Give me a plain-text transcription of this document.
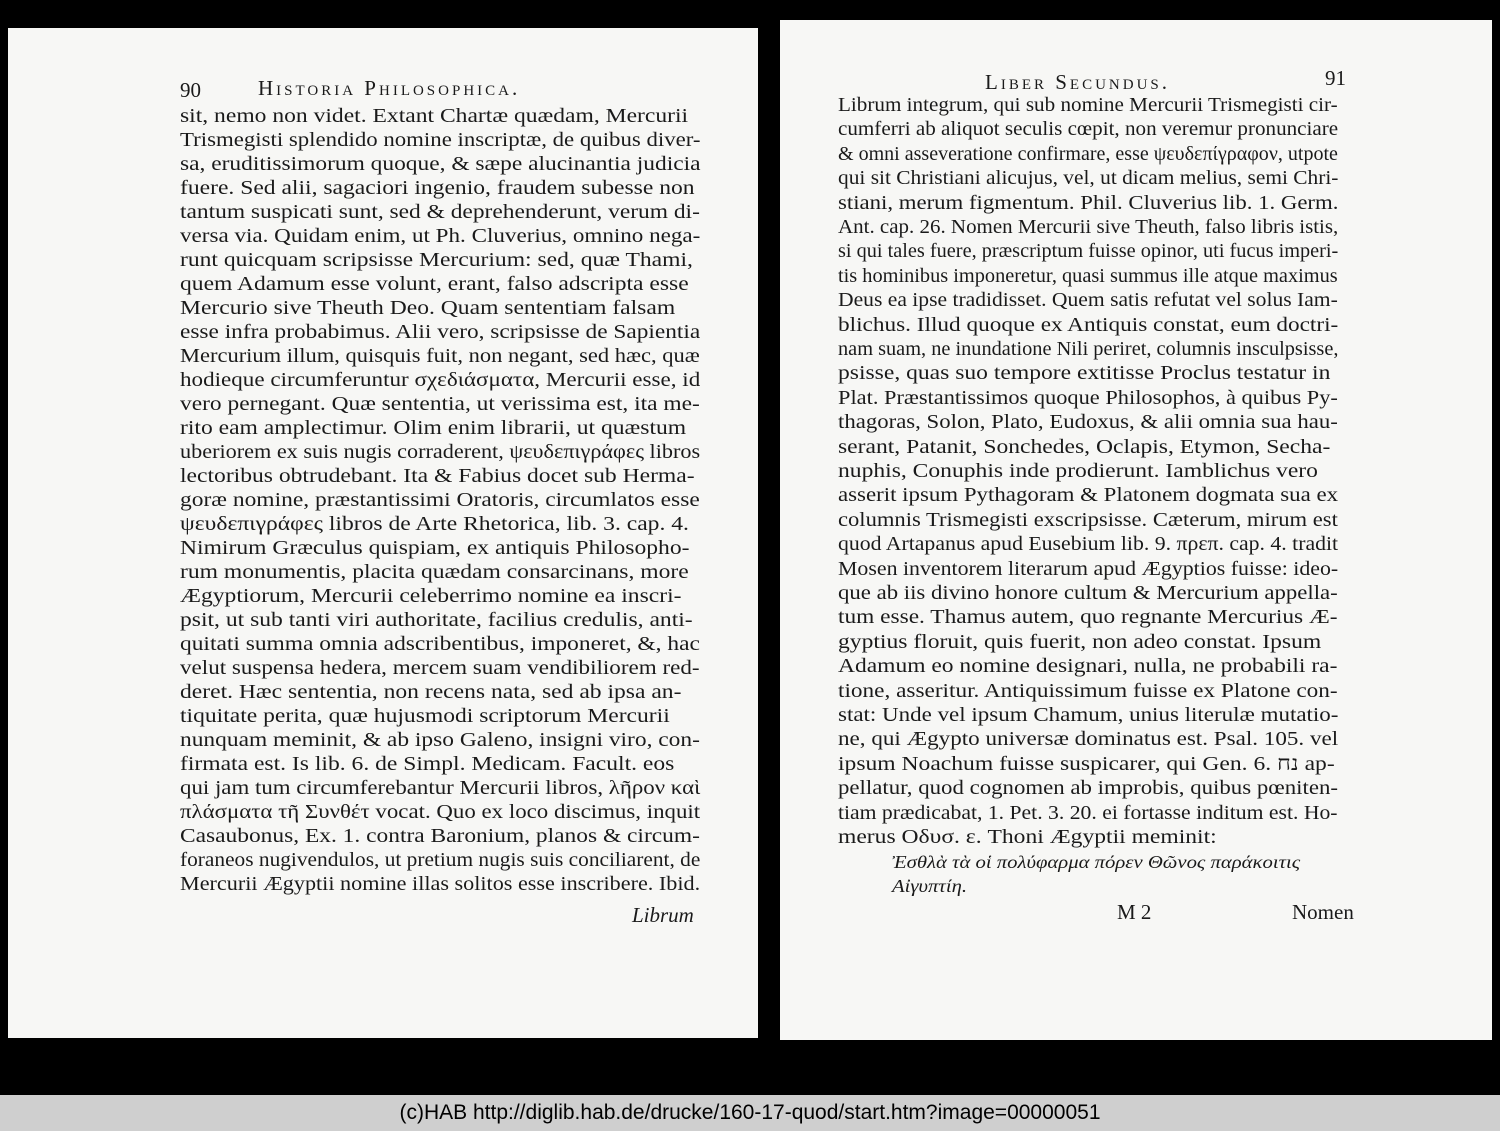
90	Historia Philosophica.
sit, nemo non videt. Extant Chartæ quædam, Mercurii
Trismegisti splendido nomine inscriptæ, de quibus diver-
sa, eruditissimorum quoque, & sæpe alucinantia judicia
fuere. Sed alii, sagaciori ingenio, fraudem subesse non
tantum suspicati sunt, sed & deprehenderunt, verum di-
versa via. Quidam enim, ut Ph. Cluverius, omnino nega-
runt quicquam scripsisse Mercurium: sed, quæ Thami,
quem Adamum esse volunt, erant, falso adscripta esse
Mercurio sive Theuth Deo. Quam sententiam falsam
esse infra probabimus. Alii vero, scripsisse de Sapientia
Mercurium illum, quisquis fuit, non negant, sed hæc, quæ
hodieque circumferuntur σχεδιάσματα, Mercurii esse, id
vero pernegant. Quæ sententia, ut verissima est, ita me-
rito eam amplectimur. Olim enim librarii, ut quæstum
uberiorem ex suis nugis corraderent, ψευδεπιγράφες libros
lectoribus obtrudebant. Ita & Fabius docet sub Herma-
goræ nomine, præstantissimi Oratoris, circumlatos esse
ψευδεπιγράφες libros de Arte Rhetorica, lib. 3. cap. 4.
Nimirum Græculus quispiam, ex antiquis Philosopho-
rum monumentis, placita quædam consarcinans, more
Ægyptiorum, Mercurii celeberrimo nomine ea inscri-
psit, ut sub tanti viri authoritate, facilius credulis, anti-
quitati summa omnia adscribentibus, imponeret, &, hac
velut suspensa hedera, mercem suam vendibiliorem red-
deret. Hæc sententia, non recens nata, sed ab ipsa an-
tiquitate perita, quæ hujusmodi scriptorum Mercurii
nunquam meminit, & ab ipso Galeno, insigni viro, con-
firmata est. Is lib. 6. de Simpl. Medicam. Facult. eos
qui jam tum circumferebantur Mercurii libros, λῆρον καὶ
πλάσματα τῆ Συνθέτ vocat. Quo ex loco discimus, inquit
Casaubonus, Ex. 1. contra Baronium, planos & circum-
foraneos nugivendulos, ut pretium nugis suis conciliarent, de
Mercurii Ægyptii nomine illas solitos esse inscribere. Ibid.
Librum
Liber Secundus.	91
Librum integrum, qui sub nomine Mercurii Trismegisti cir-
cumferri ab aliquot seculis cœpit, non veremur pronunciare
& omni asseveratione confirmare, esse ψευδεπίγραφον, utpote
qui sit Christiani alicujus, vel, ut dicam melius, semi Chri-
stiani, merum figmentum. Phil. Cluverius lib. 1. Germ.
Ant. cap. 26. Nomen Mercurii sive Theuth, falso libris istis,
si qui tales fuere, præscriptum fuisse opinor, uti fucus imperi-
tis hominibus imponeretur, quasi summus ille atque maximus
Deus ea ipse tradidisset. Quem satis refutat vel solus Iam-
blichus. Illud quoque ex Antiquis constat, eum doctri-
nam suam, ne inundatione Nili periret, columnis insculpsisse,
psisse, quas suo tempore extitisse Proclus testatur in
Plat. Præstantissimos quoque Philosophos, à quibus Py-
thagoras, Solon, Plato, Eudoxus, & alii omnia sua hau-
serant, Patanit, Sonchedes, Oclapis, Etymon, Secha-
nuphis, Conuphis inde prodierunt. Iamblichus vero
asserit ipsum Pythagoram & Platonem dogmata sua ex
columnis Trismegisti exscripsisse. Cæterum, mirum est
quod Artapanus apud Eusebium lib. 9. πρεπ. cap. 4. tradit
Mosen inventorem literarum apud Ægyptios fuisse: ideo-
que ab iis divino honore cultum & Mercurium appella-
tum esse. Thamus autem, quo regnante Mercurius Æ-
gyptius floruit, quis fuerit, non adeo constat. Ipsum
Adamum eo nomine designari, nulla, ne probabili ra-
tione, asseritur. Antiquissimum fuisse ex Platone con-
stat: Unde vel ipsum Chamum, unius literulæ mutatio-
ne, qui Ægypto universæ dominatus est. Psal. 105. vel
ipsum Noachum fuisse suspicarer, qui Gen. 6. נח ap-
pellatur, quod cognomen ab improbis, quibus pœniten-
tiam prædicabat, 1. Pet. 3. 20. ei fortasse inditum est. Ho-
merus Οδυσ. ε. Thoni Ægyptii meminit:
Ἐσθλὰ τὰ οἱ πολύφαρμα πόρεν Θῶνος παράκοιτις
Αἰγυπτίη.
M 2	Nomen
(c)HAB http://diglib.hab.de/drucke/160-17-quod/start.htm?image=00000051
